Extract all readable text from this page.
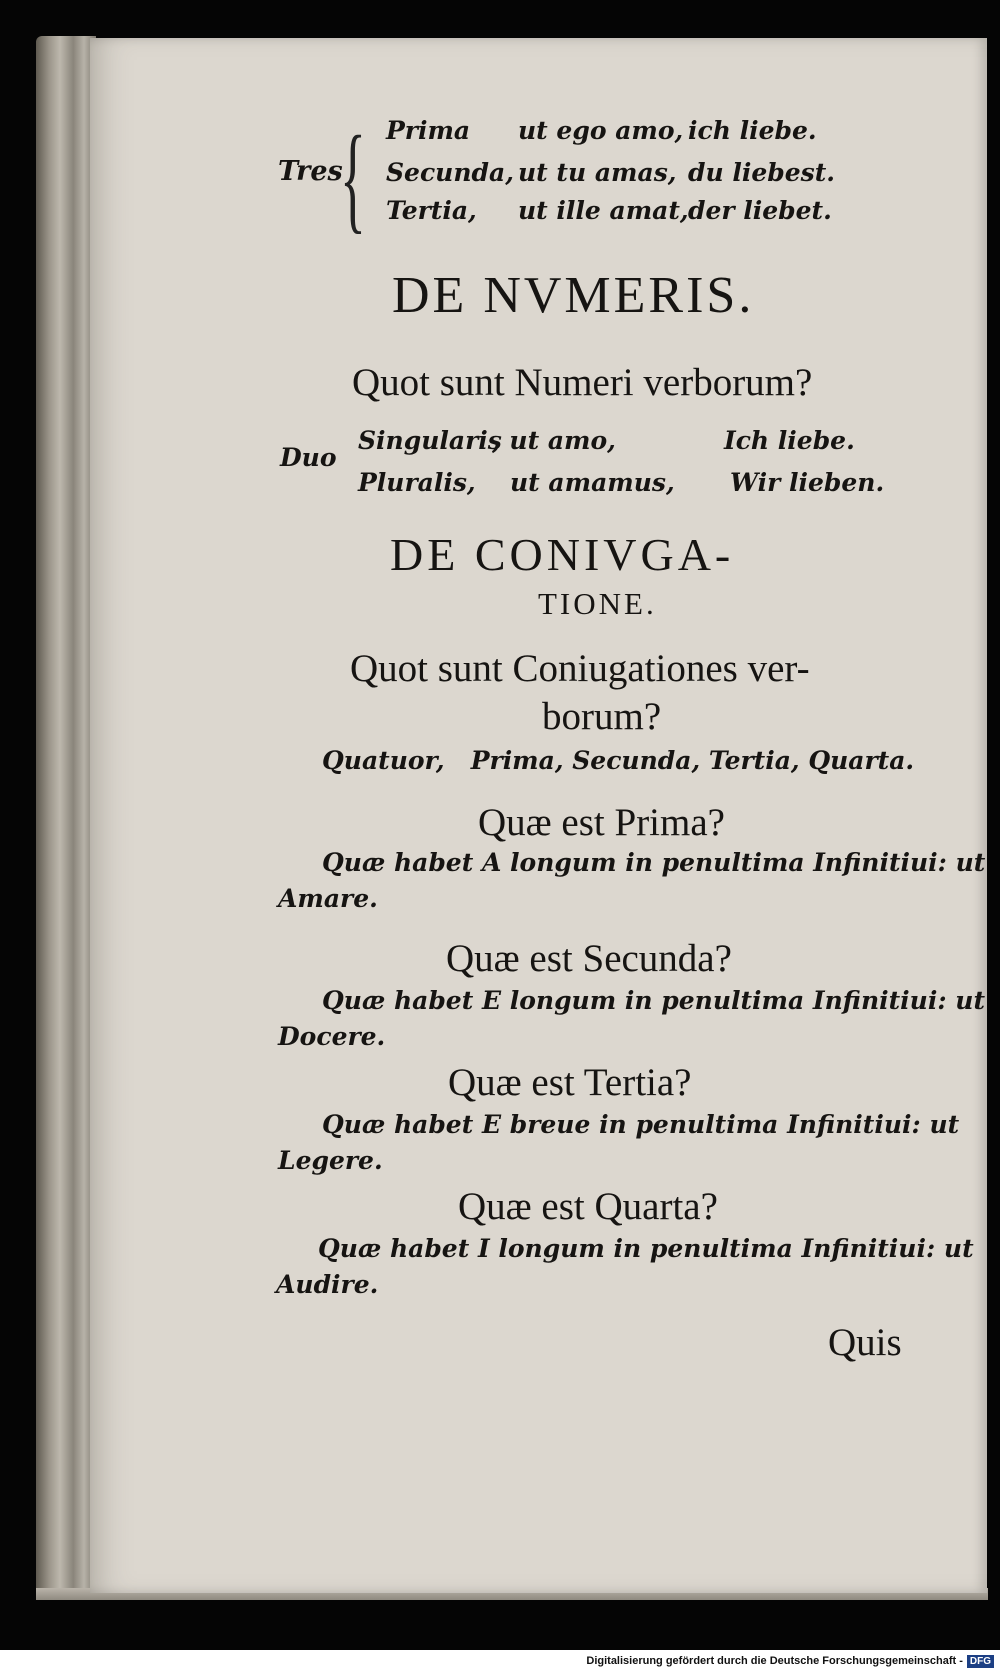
Tres
{ Prima ut ego amo, ich liebe.
Secunda, ut tu amas, du liebest.
Tertia, ut ille amat, der liebet.
DE NVMERIS.
Quot sunt Numeri verborum?
Duo
Singularis
, ut amo,	Ich liebe.
Pluralis, ut amamus, Wir lieben.
DE CONIVGA-
TIONE.
Quot sunt Coniugationes ver-
borum?
Quatuor,   Prima, Secunda, Tertia, Quarta.
Quæ est Prima?
Quæ habet A longum in penultima Infinitiui: ut
Amare.
Quæ est Secunda?
Quæ habet E longum in penultima Infinitiui: ut
Docere.
Quæ est Tertia?
Quæ habet E breue in penultima Infinitiui: ut
Legere.
Quæ est Quarta?
Quæ habet I longum in penultima Infinitiui: ut
Audire.
Quis
Digitalisierung gefördert durch die Deutsche Forschungsgemeinschaft - DFG
